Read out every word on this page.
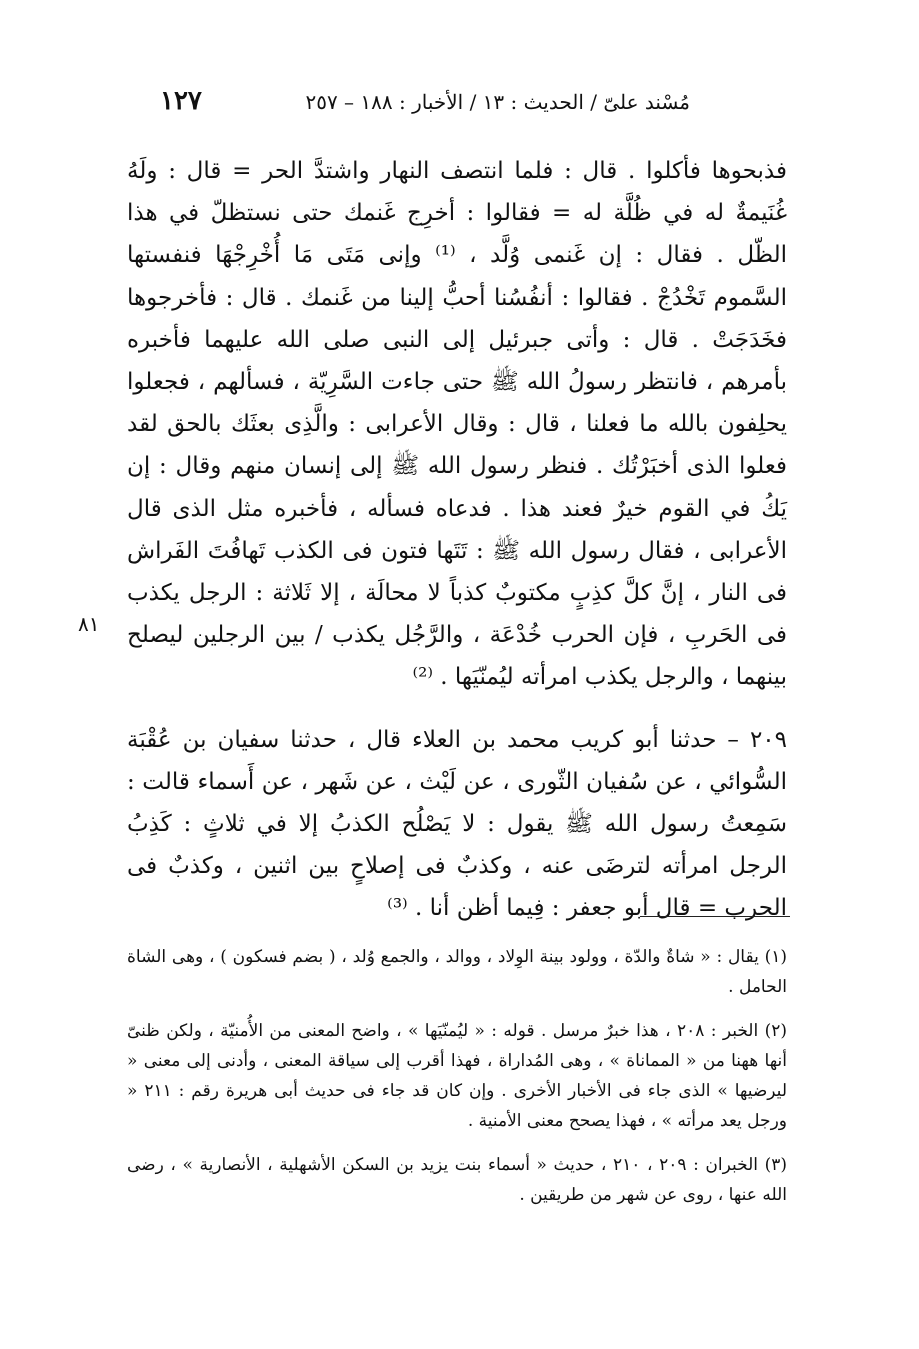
مُسْند علىّ / الحديث : ١٣ / الأخبار : ١٨٨ – ٢٥٧
١٢٧

فذبحوها فأكلوا . قال : فلما انتصف النهار واشتدَّ الحر = قال : ولَهُ غُنَيمةٌ له في ظُلَّة له = فقالوا : أخرِج غَنمك حتى نستظلّ في هذا الظّل . فقال : إن غَنمى وُلَّد ، ⁽¹⁾ وإنى مَتَى مَا أُخْرِجْهَا فنفستها السَّموم تَخْدُجْ . فقالوا : أنفُسُنا أحبُّ إلينا من غَنمك . قال : فأخرجوها فخَدَجَتْ . قال : وأتى جبرئيل إلى النبى صلى الله عليهما فأخبره بأمرهم ، فانتظر رسولُ الله ﷺ حتى جاءت السَّرِيّة ، فسألهم ، فجعلوا يحلِفون بالله ما فعلنا ، قال : وقال الأعرابى : والَّذِى بعثَك بالحق لقد فعلوا الذى أخبَرْتُك . فنظر رسول الله ﷺ إلى إنسان منهم وقال : إن يَكُ في القوم خيرٌ فعند هذا . فدعاه فسأله ، فأخبره مثل الذى قال الأعرابى ، فقال رسول الله ﷺ : تَتَها فتون فى الكذب تَهافُتَ الفَراش فى النار ، إنَّ كلَّ كذِبٍ مكتوبٌ كذباً لا محالَة ، إلا ثَلاثة : الرجل يكذب فى الحَربِ ، فإن الحرب خُدْعَة ، والرَّجُل يكذب / بين الرجلين ليصلح بينهما ، والرجل يكذب امرأته ليُمنّيَها . ⁽²⁾

٢٠٩ – حدثنا أبو كريب محمد بن العلاء قال ، حدثنا سفيان بن عُقْبَة السُّوائي ، عن سُفيان الثّورى ، عن لَيْث ، عن شَهر ، عن أَسماء قالت : سَمِعتُ رسول الله ﷺ يقول : لا يَصْلُح الكذبُ إلا في ثلاثٍ : كَذِبُ الرجل امرأته لترضَى عنه ، وكذبٌ فى إصلاحٍ بين اثنين ، وكذبٌ فى الحرب = قال أبو جعفر : فِيما أظن أنا . ⁽³⁾

٨١

(١) يقال : « شاةٌ والدّة ، وولود بينة الوِلاد ، ووالد ، والجمع وُلد ، ( بضم فسكون ) ، وهى الشاة الحامل .

(٢) الخبر : ٢٠٨ ، هذا خبرٌ مرسل . قوله : « ليُمنّيَها » ، واضح المعنى من الأُمنيّة ، ولكن ظنىّ أنها ههنا من « المماناة » ، وهى المُداراة ، فهذا أقرب إلى سياقة المعنى ، وأدنى إلى معنى « ليرضيها » الذى جاء فى الأخبار الأخرى . وإن كان قد جاء فى حديث أبى هريرة رقم : ٢١١ « ورجل يعد مرأته » ، فهذا يصحح معنى الأمنية .

(٣) الخبران : ٢٠٩ ، ٢١٠ ، حديث « أسماء بنت يزيد بن السكن الأشهلية ، الأنصارية » ، رضى الله عنها ، روى عن شهر من طريقين .
